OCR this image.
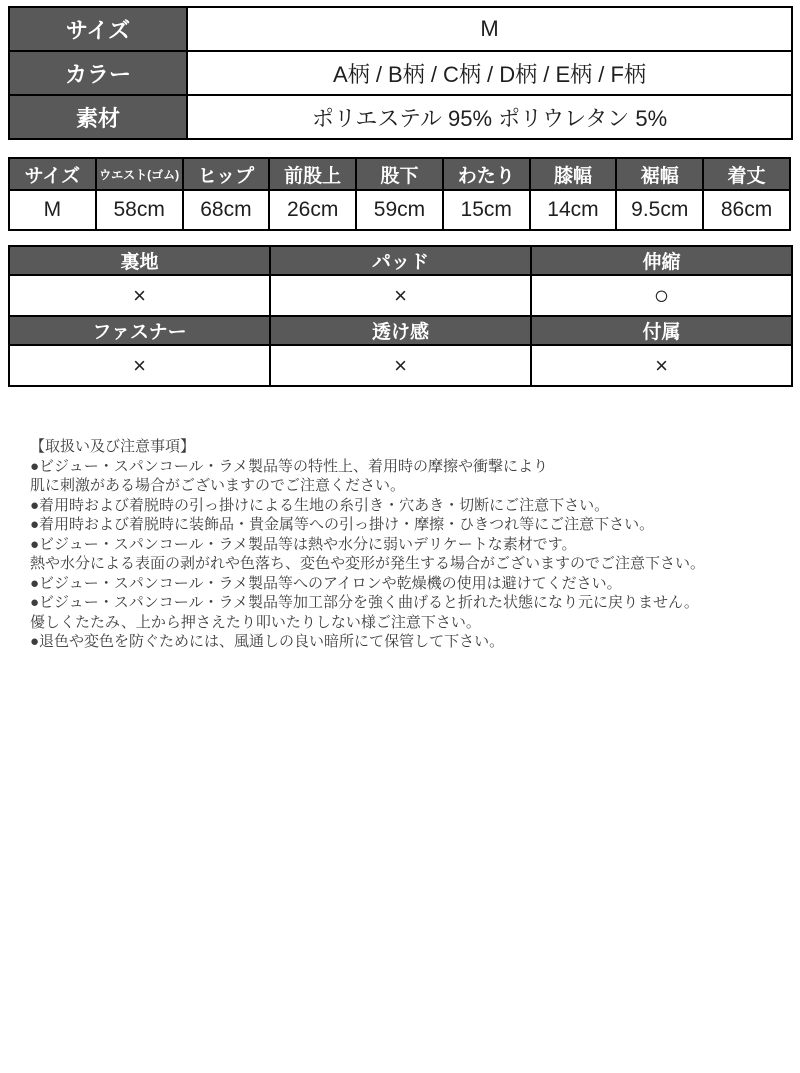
サイズ	M
カラー	A柄 / B柄 / C柄 / D柄 / E柄 / F柄
素材	ポリエステル 95% ポリウレタン 5%
サイズ	ウエスト(ゴム)	ヒップ	前股上	股下	わたり	膝幅	裾幅	着丈
M	58cm	68cm	26cm	59cm	15cm	14cm	9.5cm	86cm
裏地	パッド	伸縮
×	×	○
ファスナー	透け感	付属
×	×	×
【取扱い及び注意事項】
●ビジュー・スパンコール・ラメ製品等の特性上、着用時の摩擦や衝撃により
肌に刺激がある場合がございますのでご注意ください。
●着用時および着脱時の引っ掛けによる生地の糸引き・穴あき・切断にご注意下さい。
●着用時および着脱時に装飾品・貴金属等への引っ掛け・摩擦・ひきつれ等にご注意下さい。
●ビジュー・スパンコール・ラメ製品等は熱や水分に弱いデリケートな素材です。
熱や水分による表面の剥がれや色落ち、変色や変形が発生する場合がございますのでご注意下さい。
●ビジュー・スパンコール・ラメ製品等へのアイロンや乾燥機の使用は避けてください。
●ビジュー・スパンコール・ラメ製品等加工部分を強く曲げると折れた状態になり元に戻りません。
優しくたたみ、上から押さえたり叩いたりしない様ご注意下さい。
●退色や変色を防ぐためには、風通しの良い暗所にて保管して下さい。
